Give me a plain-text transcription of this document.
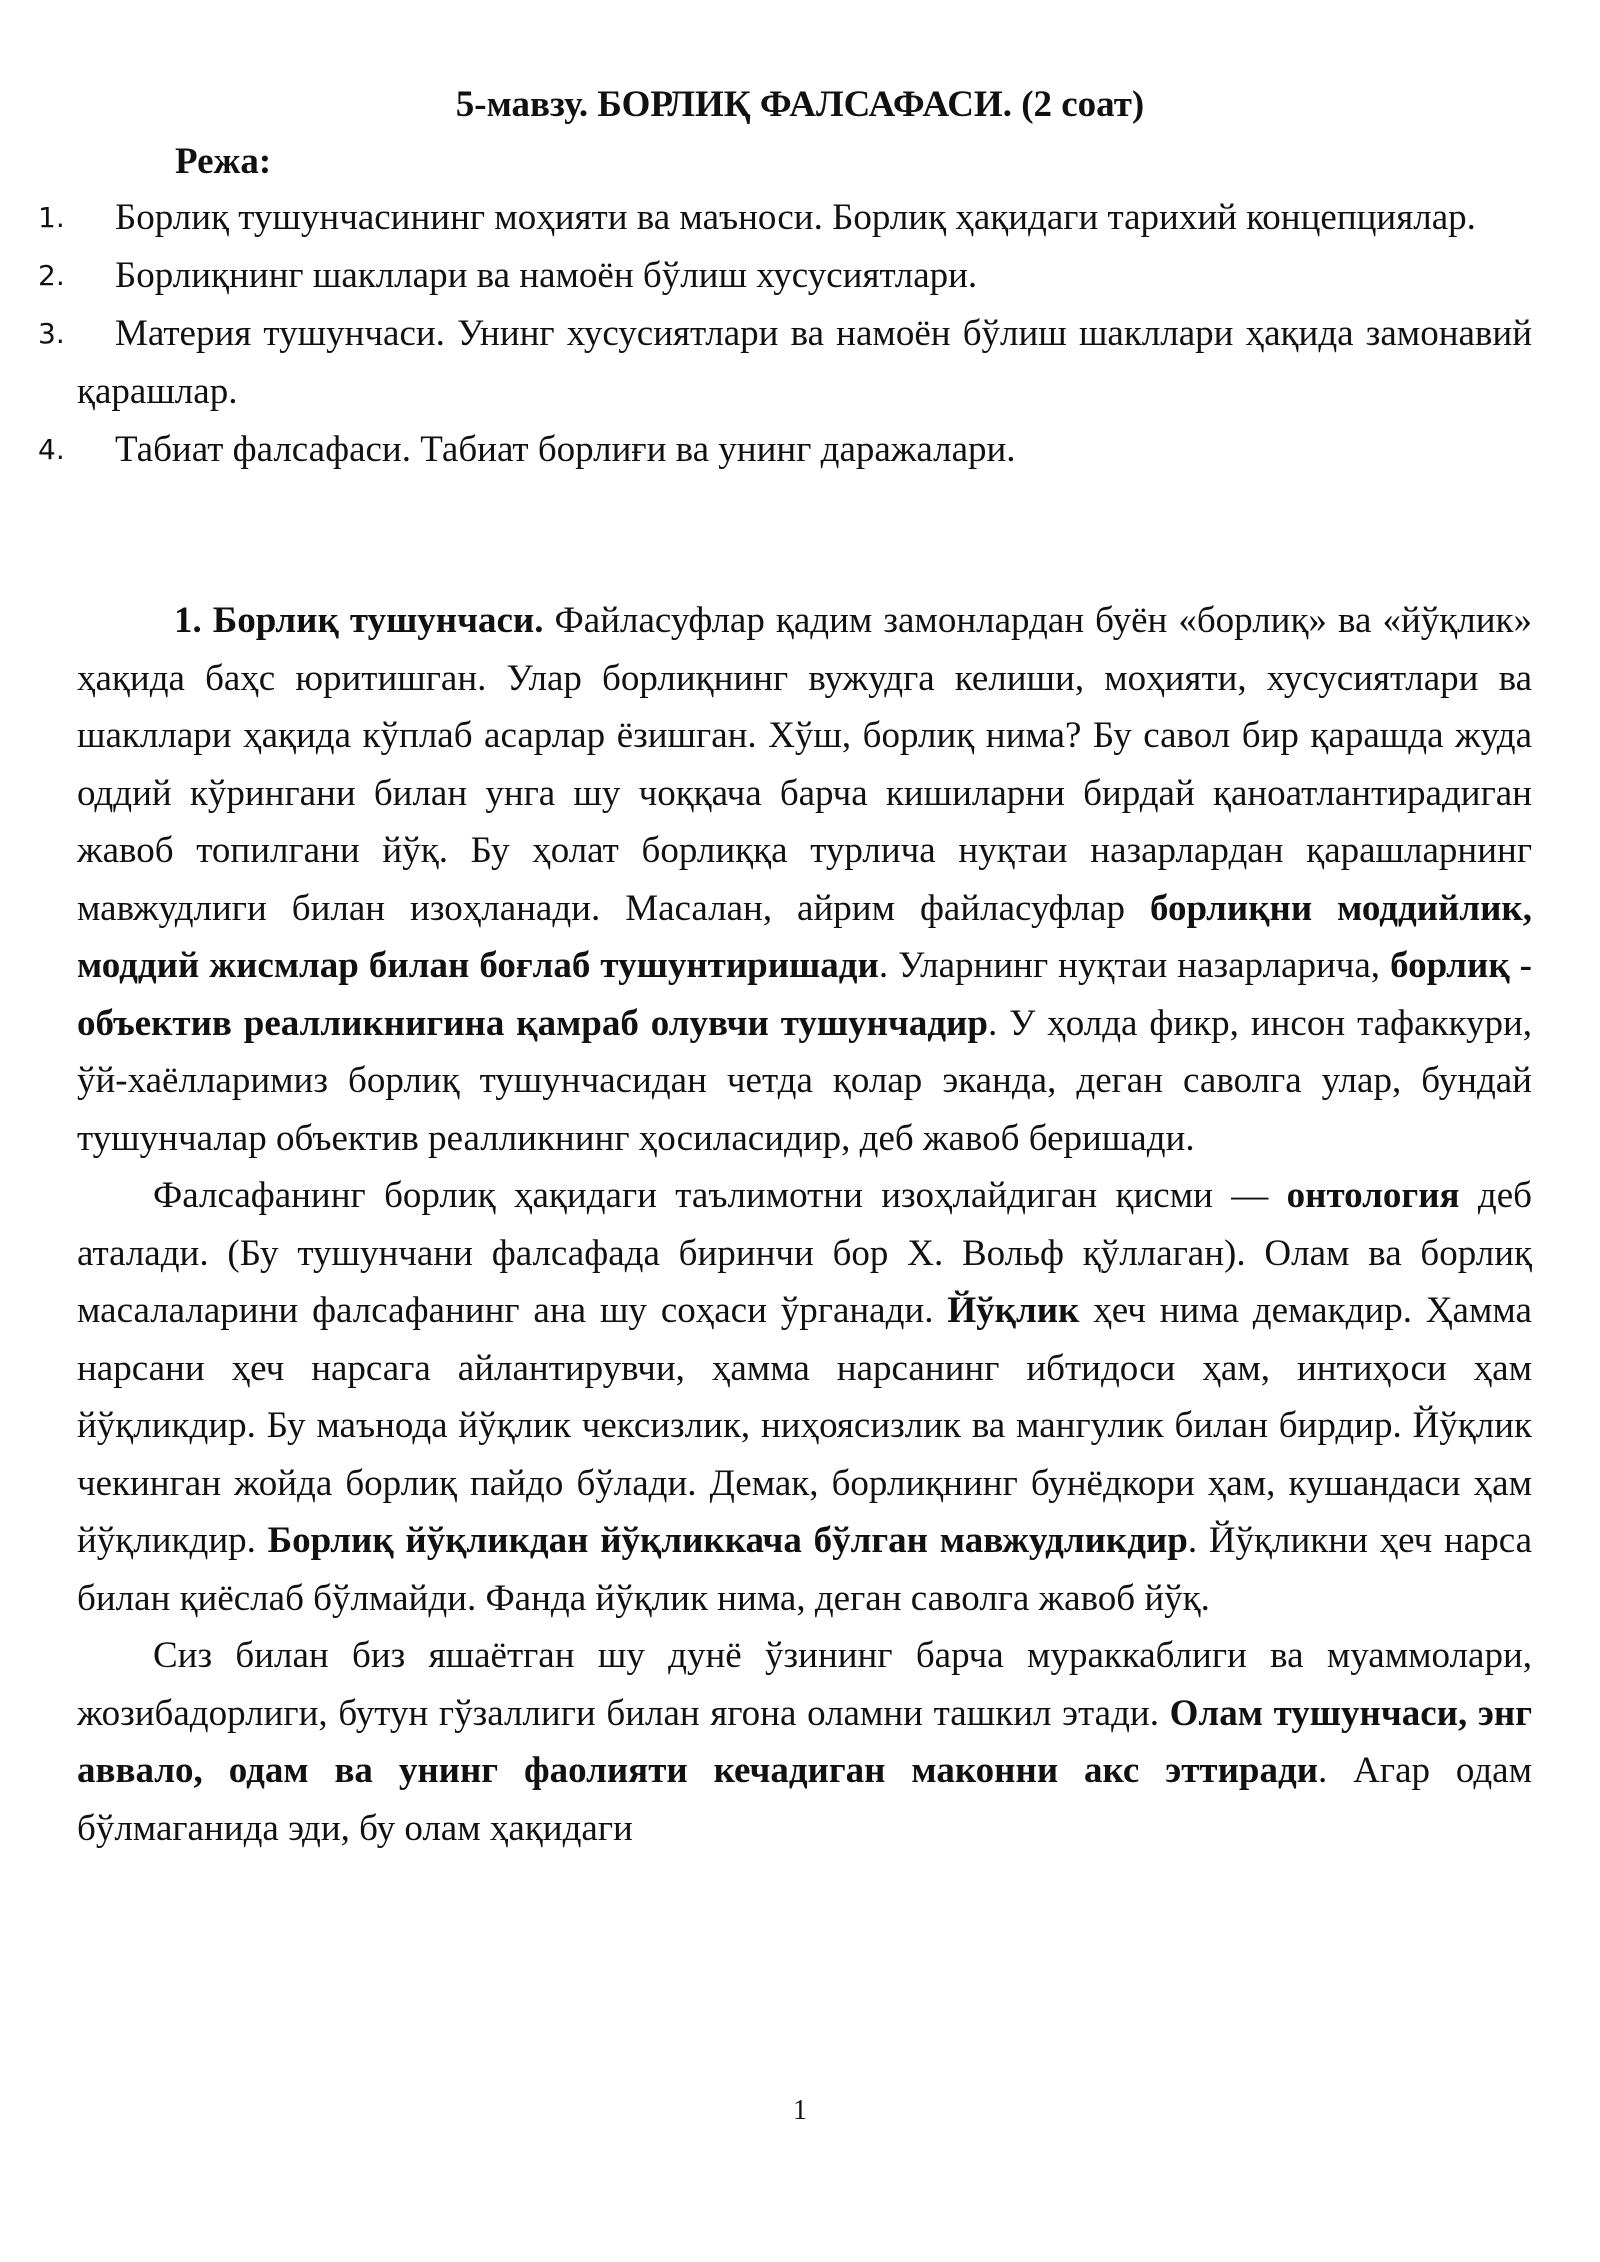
5-мавзу. БОРЛИҚ ФАЛСАФАСИ. (2 соат)
Режа:
1. Борлиқ тушунчасининг моҳияти ва маъноси. Борлиқ ҳақидаги тарихий концепциялар.
2. Борлиқнинг шакллари ва намоён бўлиш хусусиятлари.
3. Материя тушунчаси. Унинг хусусиятлари ва намоён бўлиш шакллари ҳақида замонавий қарашлар.
4. Табиат фалсафаси. Табиат борлиғи ва унинг даражалари.

1. Борлиқ тушунчаси. Файласуфлар қадим замонлардан буён «борлиқ» ва «йўқлик» ҳақида баҳс юритишган. Улар борлиқнинг вужудга келиши, моҳияти, хусусиятлари ва шакллари ҳақида кўплаб асарлар ёзишган. Хўш, борлиқ нима? Бу савол бир қарашда жуда оддий кўрингани билан унга шу чоққача барча кишиларни бирдай қаноатлантирадиган жавоб топилгани йўқ. Бу ҳолат борлиққа турлича нуқтаи назарлардан қарашларнинг мавжудлиги билан изоҳланади. Масалан, айрим файласуфлар борлиқни моддийлик, моддий жисмлар билан боғлаб тушунтиришади. Уларнинг нуқтаи назарларича, борлиқ - объектив реалликнигина қамраб олувчи тушунчадир. У ҳолда фикр, инсон тафаккури, ўй-хаёлларимиз борлиқ тушунчасидан четда қолар эканда, деган саволга улар, бундай тушунчалар объектив реалликнинг ҳосиласидир, деб жавоб беришади.

Фалсафанинг борлиқ ҳақидаги таълимотни изоҳлайдиган қисми — онтология деб аталади. (Бу тушунчани фалсафада биринчи бор Х. Вольф қўллаган). Олам ва борлиқ масалаларини фалсафанинг ана шу соҳаси ўрганади. Йўқлик ҳеч нима демакдир. Ҳамма нарсани ҳеч нарсага айлантирувчи, ҳамма нарсанинг ибтидоси ҳам, интиҳоси ҳам йўқликдир. Бу маънода йўқлик чексизлик, ниҳоясизлик ва мангулик билан бирдир. Йўқлик чекинган жойда борлиқ пайдо бўлади. Демак, борлиқнинг бунёдкори ҳам, кушандаси ҳам йўқликдир. Борлиқ йўқликдан йўқликкача бўлган мавжудликдир. Йўқликни ҳеч нарса билан қиёслаб бўлмайди. Фанда йўқлик нима, деган саволга жавоб йўқ.

Сиз билан биз яшаётган шу дунё ўзининг барча мураккаблиги ва муаммолари, жозибадорлиги, бутун гўзаллиги билан ягона оламни ташкил этади. Олам тушунчаси, энг аввало, одам ва унинг фаолияти кечадиган маконни акс эттиради. Агар одам бўлмаганида эди, бу олам ҳақидаги

1
